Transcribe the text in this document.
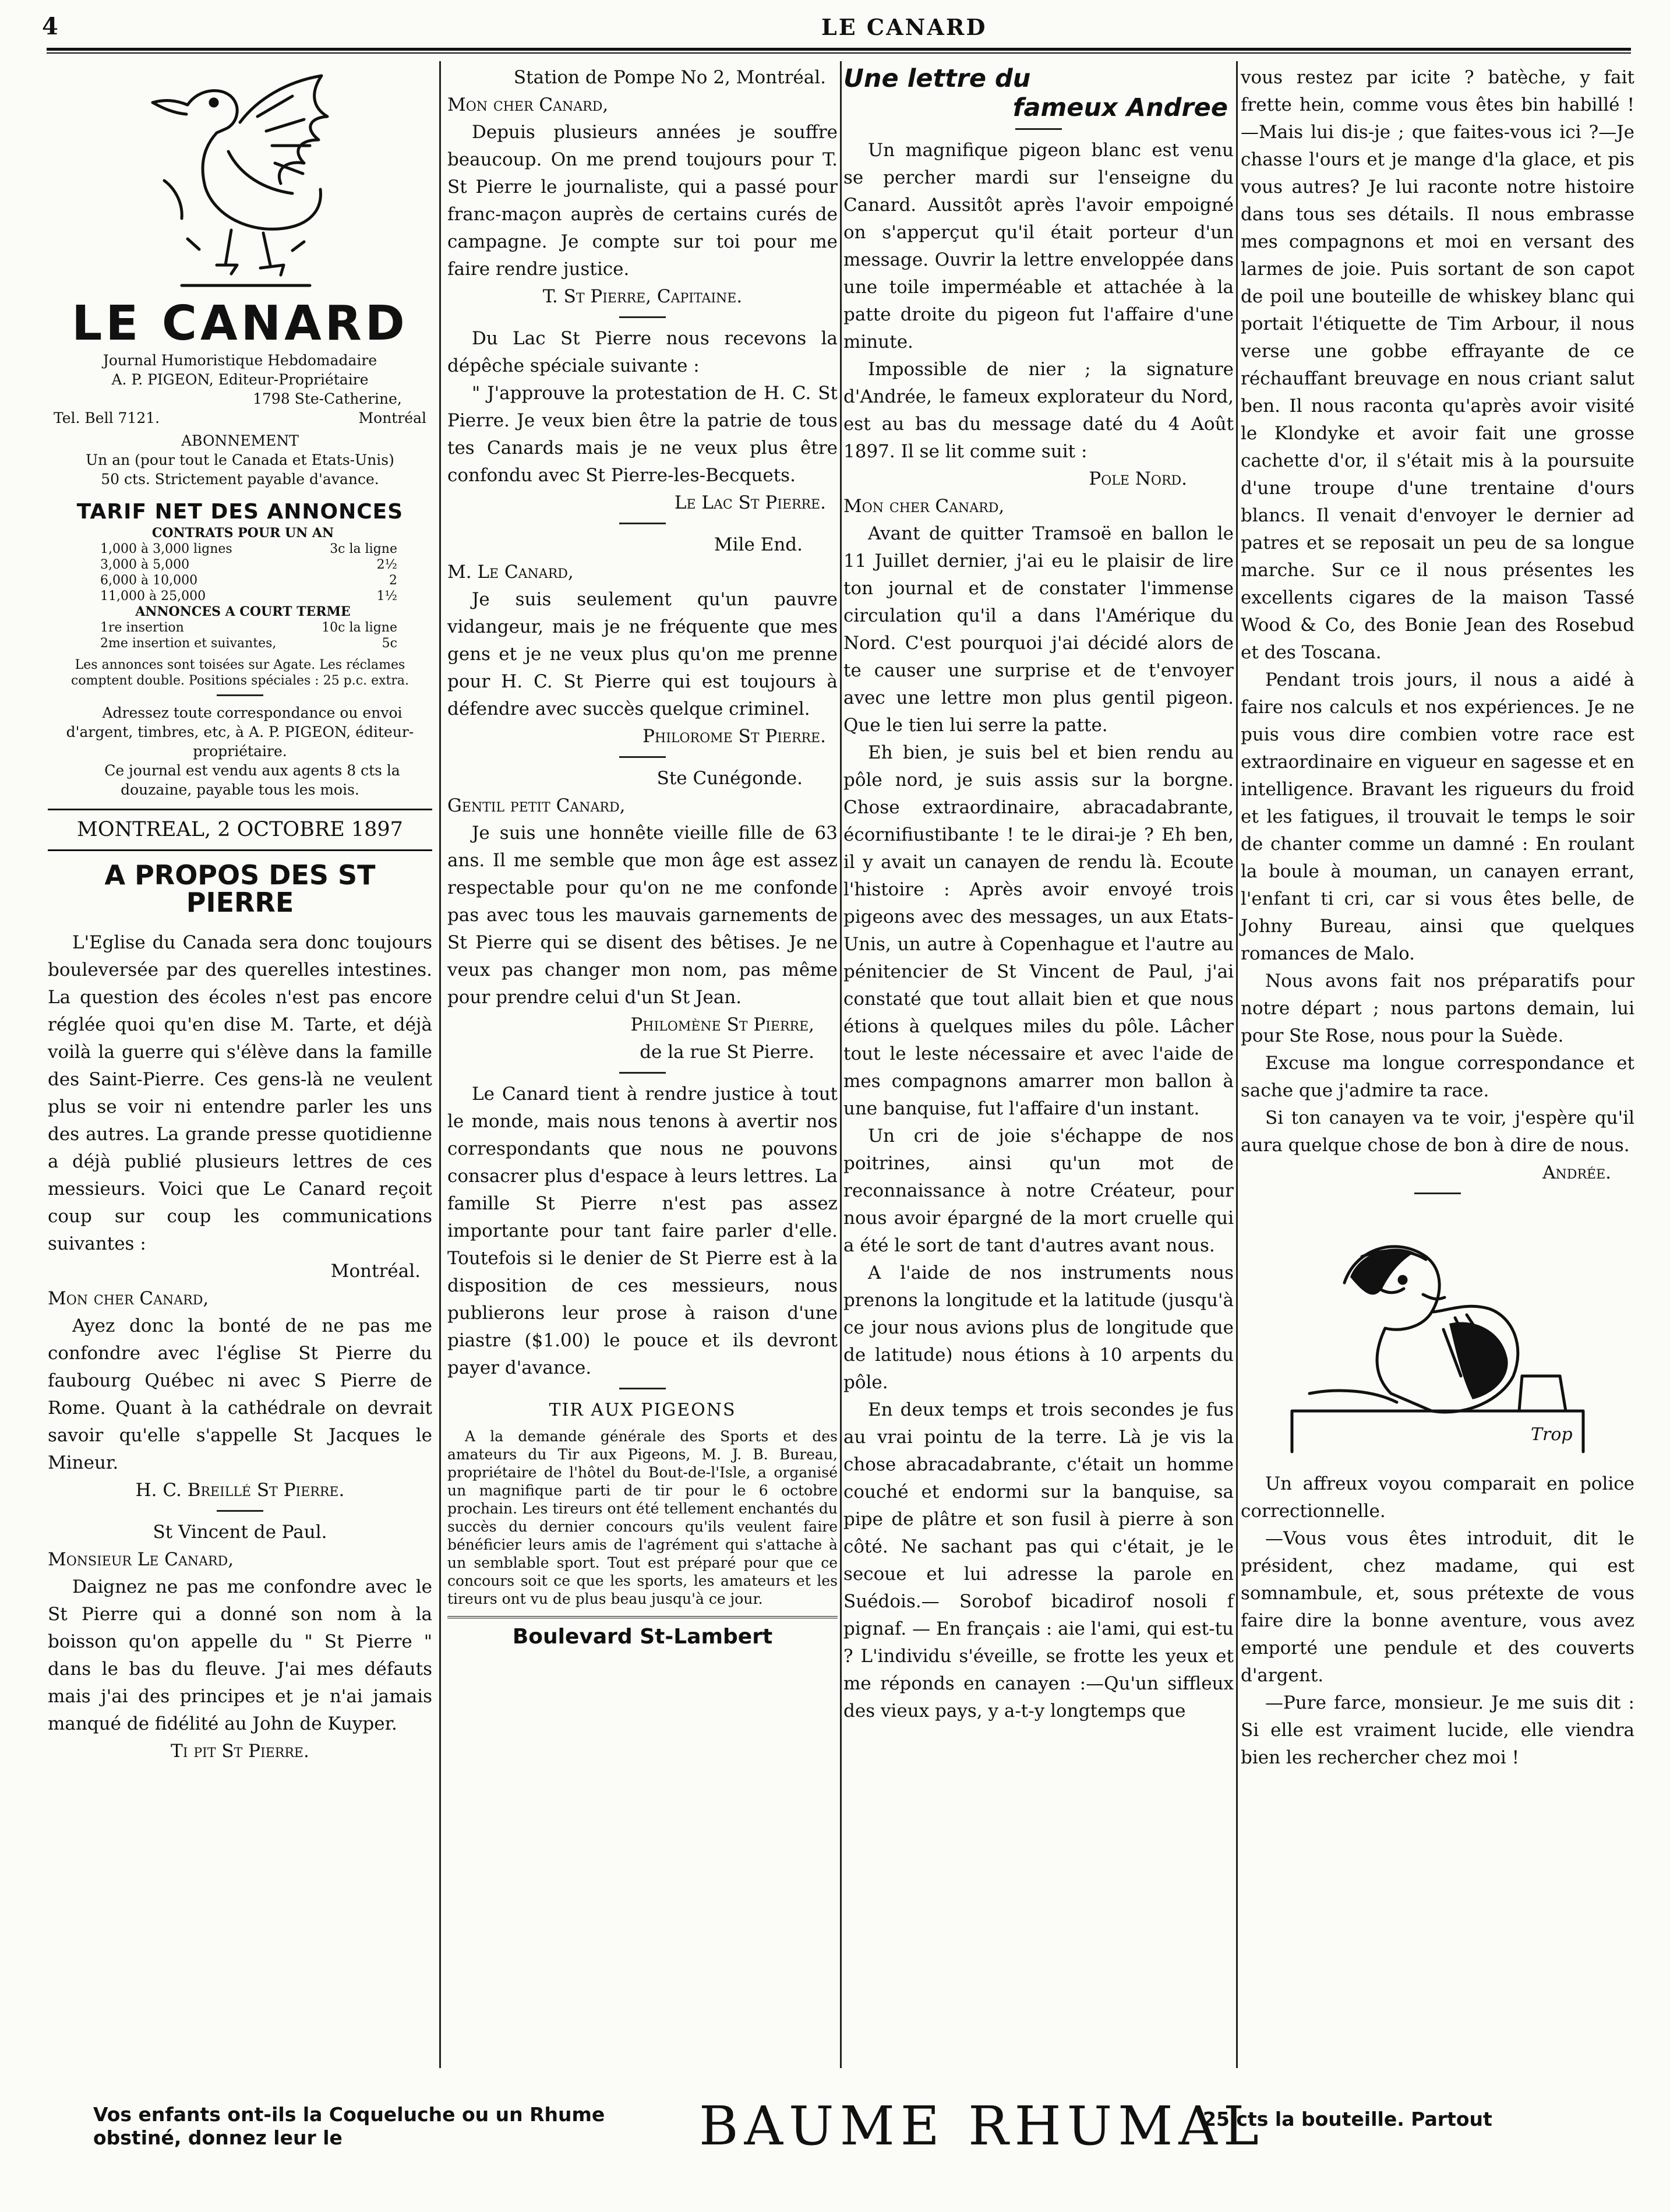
4	LE CANARD
LE CANARD
Journal Humoristique Hebdomadaire
A. P. PIGEON, Editeur-Propriétaire
1798 Ste-Catherine,
Tel. Bell 7121.	Montréal
ABONNEMENT
Un an (pour tout le Canada et Etats-Unis)
50 cts. Strictement payable d'avance.
TARIF NET DES ANNONCES
CONTRATS POUR UN AN
1,000 à 3,000 lignes	3c la ligne
3,000 à 5,000	2½
6,000 à 10,000	2
11,000 à 25,000	1½
ANNONCES A COURT TERME
1re insertion	10c la ligne
2me insertion et suivantes,	5c
Les annonces sont toisées sur Agate. Les réclames comptent double. Positions spéciales : 25 p.c. extra.

Adressez toute correspondance ou envoi d'argent, timbres, etc, à A. P. PIGEON, éditeur-propriétaire.

Ce journal est vendu aux agents 8 cts la douzaine, payable tous les mois.

MONTREAL, 2 OCTOBRE 1897
A PROPOS DES ST PIERRE

L'Eglise du Canada sera donc toujours bouleversée par des querelles intestines. La question des écoles n'est pas encore réglée quoi qu'en dise M. Tarte, et déjà voilà la guerre qui s'élève dans la famille des Saint-Pierre. Ces gens-là ne veulent plus se voir ni entendre parler les uns des autres. La grande presse quotidienne a déjà publié plusieurs lettres de ces messieurs. Voici que Le Canard reçoit coup sur coup les communications suivantes :

Montréal.

Mon cher Canard,

Ayez donc la bonté de ne pas me confondre avec l'église St Pierre du faubourg Québec ni avec S Pierre de Rome. Quant à la cathédrale on devrait savoir qu'elle s'appelle St Jacques le Mineur.

H. C. Breillé St Pierre.

St Vincent de Paul.

Monsieur Le Canard,

Daignez ne pas me confondre avec le St Pierre qui a donné son nom à la boisson qu'on appelle du " St Pierre " dans le bas du fleuve. J'ai mes défauts mais j'ai des principes et je n'ai jamais manqué de fidélité au John de Kuyper.

Ti pit St Pierre.

Station de Pompe No 2, Montréal.

Mon cher Canard,

Depuis plusieurs années je souffre beaucoup. On me prend toujours pour T. St Pierre le journaliste, qui a passé pour franc-maçon auprès de certains curés de campagne. Je compte sur toi pour me faire rendre justice.

T. St Pierre, Capitaine.

Du Lac St Pierre nous recevons la dépêche spéciale suivante :

" J'approuve la protestation de H. C. St Pierre. Je veux bien être la patrie de tous tes Canards mais je ne veux plus être confondu avec St Pierre-les-Becquets.

Le Lac St Pierre.

Mile End.

M. Le Canard,

Je suis seulement qu'un pauvre vidangeur, mais je ne fréquente que mes gens et je ne veux plus qu'on me prenne pour H. C. St Pierre qui est toujours à défendre avec succès quelque criminel.

Philorome St Pierre.

Ste Cunégonde.

Gentil petit Canard,

Je suis une honnête vieille fille de 63 ans. Il me semble que mon âge est assez respectable pour qu'on ne me confonde pas avec tous les mauvais garnements de St Pierre qui se disent des bêtises. Je ne veux pas changer mon nom, pas même pour prendre celui d'un St Jean.

Philomène St Pierre,

de la rue St Pierre.

Le Canard tient à rendre justice à tout le monde, mais nous tenons à avertir nos correspondants que nous ne pouvons consacrer plus d'espace à leurs lettres. La famille St Pierre n'est pas assez importante pour tant faire parler d'elle. Toutefois si le denier de St Pierre est à la disposition de ces messieurs, nous publierons leur prose à raison d'une piastre ($1.00) le pouce et ils devront payer d'avance.

TIR AUX PIGEONS

A la demande générale des Sports et des amateurs du Tir aux Pigeons, M. J. B. Bureau, propriétaire de l'hôtel du Bout-de-l'Isle, a organisé un magnifique parti de tir pour le 6 octobre prochain. Les tireurs ont été tellement enchantés du succès du dernier concours qu'ils veulent faire bénéficier leurs amis de l'agrément qui s'attache à un semblable sport. Tout est préparé pour que ce concours soit ce que les sports, les amateurs et les tireurs ont vu de plus beau jusqu'à ce jour.

Boulevard St-Lambert
Une lettre du
fameux Andree

Un magnifique pigeon blanc est venu se percher mardi sur l'enseigne du Canard. Aussitôt après l'avoir empoigné on s'apperçut qu'il était porteur d'un message. Ouvrir la lettre enveloppée dans une toile imperméable et attachée à la patte droite du pigeon fut l'affaire d'une minute.

Impossible de nier ; la signature d'Andrée, le fameux explorateur du Nord, est au bas du message daté du 4 Août 1897. Il se lit comme suit :

Pole Nord.

Mon cher Canard,

Avant de quitter Tramsoë en ballon le 11 Juillet dernier, j'ai eu le plaisir de lire ton journal et de constater l'immense circulation qu'il a dans l'Amérique du Nord. C'est pourquoi j'ai décidé alors de te causer une surprise et de t'envoyer avec une lettre mon plus gentil pigeon. Que le tien lui serre la patte.

Eh bien, je suis bel et bien rendu au pôle nord, je suis assis sur la borgne. Chose extraordinaire, abracadabrante, écornifiustibante ! te le dirai-je ? Eh ben, il y avait un canayen de rendu là. Ecoute l'histoire : Après avoir envoyé trois pigeons avec des messages, un aux Etats-Unis, un autre à Copenhague et l'autre au pénitencier de St Vincent de Paul, j'ai constaté que tout allait bien et que nous étions à quelques miles du pôle. Lâcher tout le leste nécessaire et avec l'aide de mes compagnons amarrer mon ballon à une banquise, fut l'affaire d'un instant.

Un cri de joie s'échappe de nos poitrines, ainsi qu'un mot de reconnaissance à notre Créateur, pour nous avoir épargné de la mort cruelle qui a été le sort de tant d'autres avant nous.

A l'aide de nos instruments nous prenons la longitude et la latitude (jusqu'à ce jour nous avions plus de longitude que de latitude) nous étions à 10 arpents du pôle.

En deux temps et trois secondes je fus au vrai pointu de la terre. Là je vis la chose abracadabrante, c'était un homme couché et endormi sur la banquise, sa pipe de plâtre et son fusil à pierre à son côté. Ne sachant pas qui c'était, je le secoue et lui adresse la parole en Suédois.— Sorobof bicadirof nosoli f pignaf. — En français : aie l'ami, qui est-tu ? L'individu s'éveille, se frotte les yeux et me réponds en canayen :—Qu'un siffleux des vieux pays, y a-t-y longtemps que

vous restez par icite ? batèche, y fait frette hein, comme vous êtes bin habillé !—Mais lui dis-je ; que faites-vous ici ?—Je chasse l'ours et je mange d'la glace, et pis vous autres? Je lui raconte notre histoire dans tous ses détails. Il nous embrasse mes compagnons et moi en versant des larmes de joie. Puis sortant de son capot de poil une bouteille de whiskey blanc qui portait l'étiquette de Tim Arbour, il nous verse une gobbe effrayante de ce réchauffant breuvage en nous criant salut ben. Il nous raconta qu'après avoir visité le Klondyke et avoir fait une grosse cachette d'or, il s'était mis à la poursuite d'une troupe d'une trentaine d'ours blancs. Il venait d'envoyer le dernier ad patres et se reposait un peu de sa longue marche. Sur ce il nous présentes les excellents cigares de la maison Tassé Wood & Co, des Bonie Jean des Rosebud et des Toscana.

Pendant trois jours, il nous a aidé à faire nos calculs et nos expériences. Je ne puis vous dire combien votre race est extraordinaire en vigueur en sagesse et en intelligence. Bravant les rigueurs du froid et les fatigues, il trouvait le temps le soir de chanter comme un damné : En roulant la boule à mouman, un canayen errant, l'enfant ti cri, car si vous êtes belle, de Johny Bureau, ainsi que quelques romances de Malo.

Nous avons fait nos préparatifs pour notre départ ; nous partons demain, lui pour Ste Rose, nous pour la Suède.

Excuse ma longue correspondance et sache que j'admire ta race.

Si ton canayen va te voir, j'espère qu'il aura quelque chose de bon à dire de nous.

Andrée.

Trop

Un affreux voyou comparait en police correctionnelle.

—Vous vous êtes introduit, dit le président, chez madame, qui est somnambule, et, sous prétexte de vous faire dire la bonne aventure, vous avez emporté une pendule et des couverts d'argent.

—Pure farce, monsieur. Je me suis dit : Si elle est vraiment lucide, elle viendra bien les rechercher chez moi !

Vos enfants ont-ils la Coqueluche ou un Rhume obstiné, donnez leur le	BAUME RHUMAL
25 cts la bouteille. Partout
